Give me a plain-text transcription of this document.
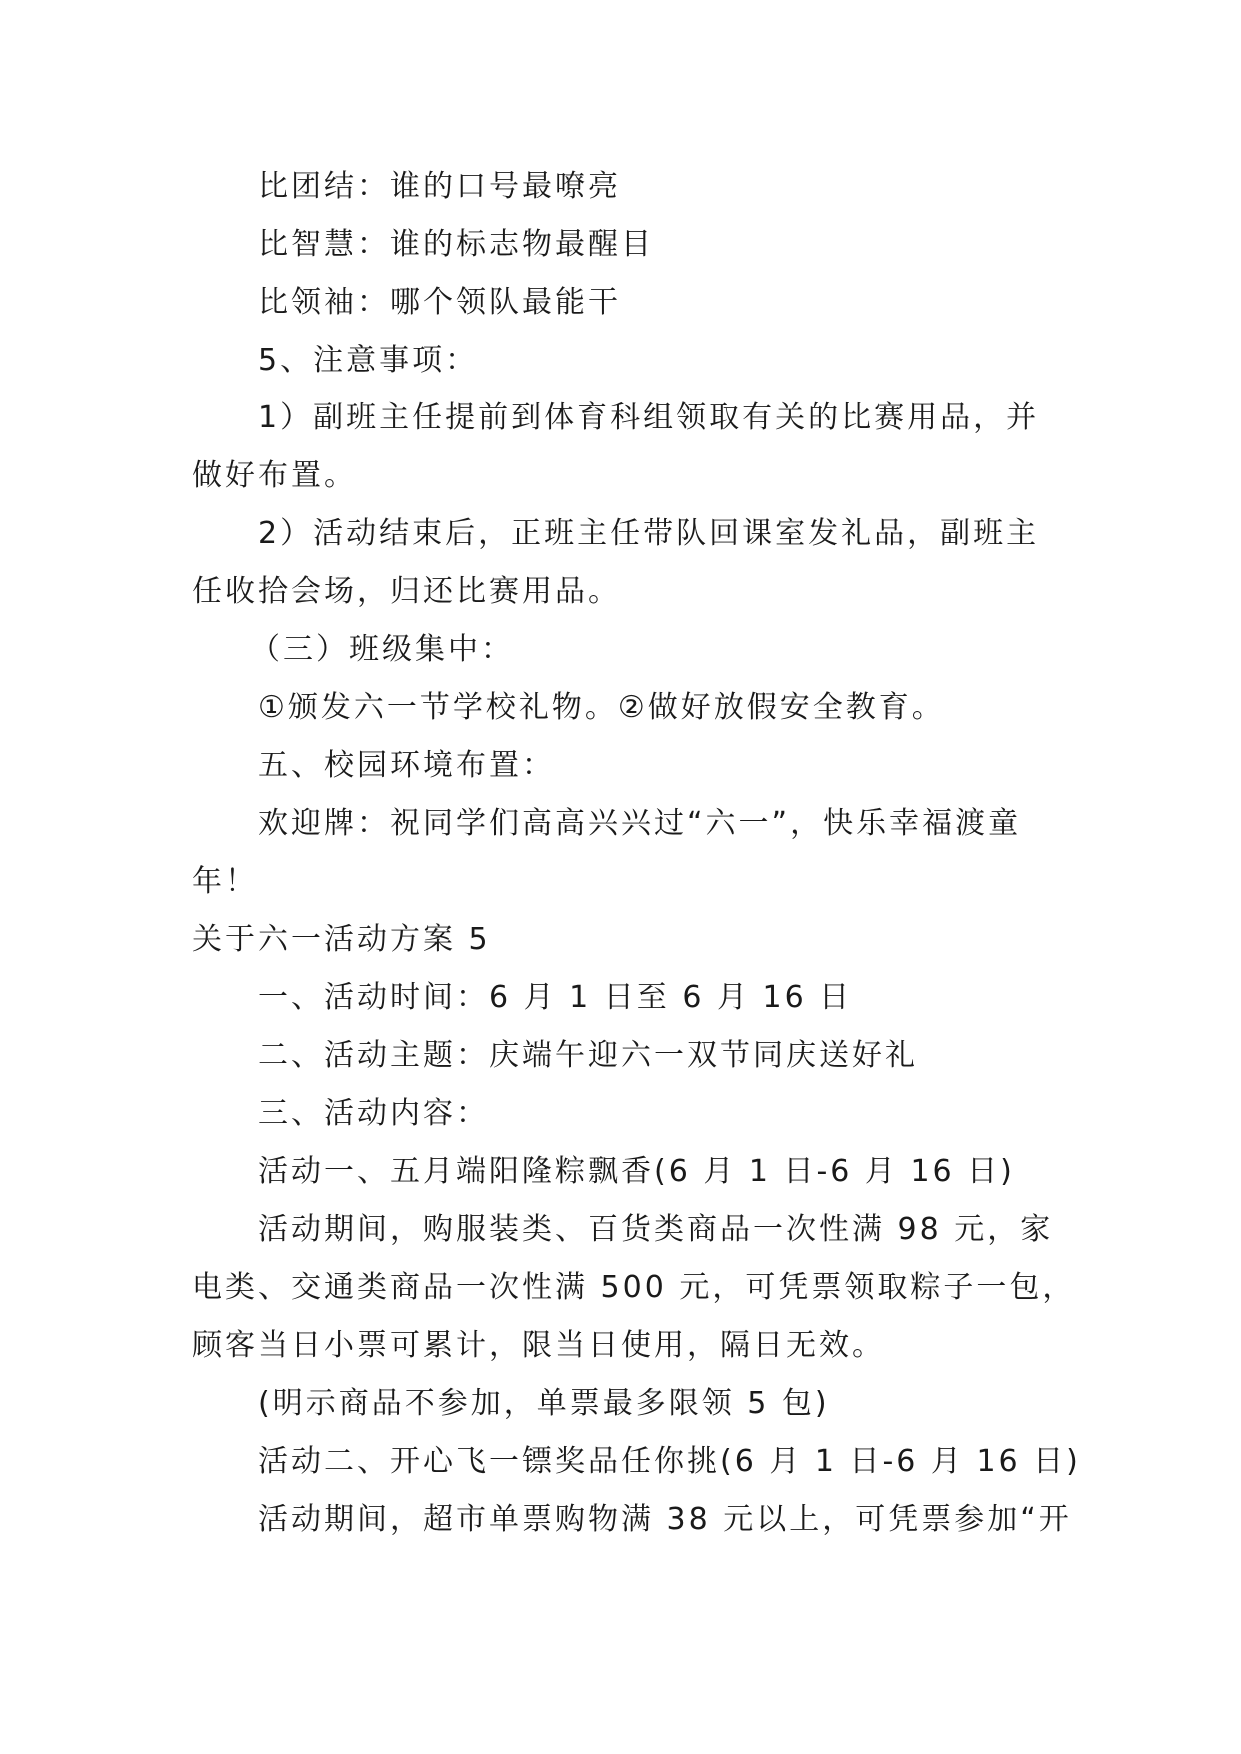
比团结：谁的口号最嘹亮
比智慧：谁的标志物最醒目
比领袖：哪个领队最能干
5、注意事项：
1）副班主任提前到体育科组领取有关的比赛用品，并
做好布置。
2）活动结束后，正班主任带队回课室发礼品，副班主
任收拾会场，归还比赛用品。
（三）班级集中：
①颁发六一节学校礼物。②做好放假安全教育。
五、校园环境布置：
欢迎牌：祝同学们高高兴兴过“六一”，快乐幸福渡童
年！
关于六一活动方案 5
一、活动时间：6 月 1 日至 6 月 16 日
二、活动主题：庆端午迎六一双节同庆送好礼
三、活动内容：
活动一、五月端阳隆粽飘香(6 月 1 日-6 月 16 日)
活动期间，购服装类、百货类商品一次性满 98 元，家
电类、交通类商品一次性满 500 元，可凭票领取粽子一包，
顾客当日小票可累计，限当日使用，隔日无效。
(明示商品不参加，单票最多限领 5 包)
活动二、开心飞一镖奖品任你挑(6 月 1 日-6 月 16 日)
活动期间，超市单票购物满 38 元以上，可凭票参加“开
